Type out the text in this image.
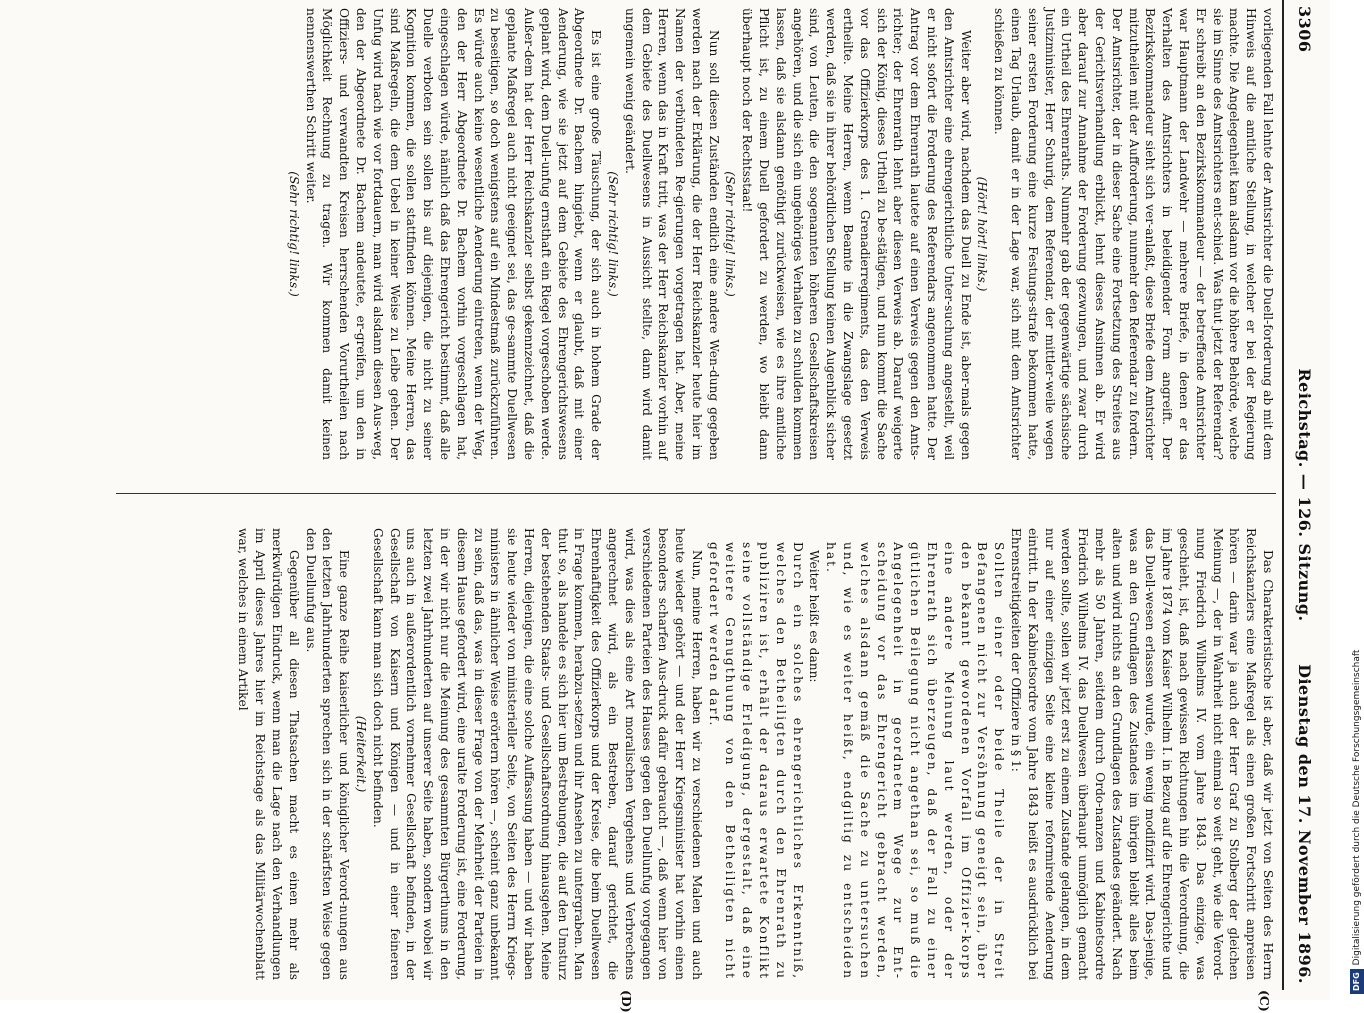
3306
Reichstag. — 126. Sitzung.
Dienstag den 17. November 1896.
(C)
(D)

vorliegenden Fall lehnte der Amtsrichter die Duell-forderung ab mit dem Hinweis auf die amtliche Stellung, in welcher er bei der Regierung machte. Die Angelegenheit kam alsdann vor die höhere Behörde, welche sie im Sinne des Amtsrichters ent-schied. Was thut jetzt der Referendar? Er schreibt an den Bezirkskommandeur — der betreffende Amtsrichter war Hauptmann der Landwehr — mehrere Briefe, in denen er das Verhalten des Amtsrichters in beleidigender Form angreift. Der Bezirkskommandeur sieht sich ver-anlaßt, diese Briefe dem Amtsrichter mitzutheilen mit der Aufforderung, nunmehr den Referendar zu fordern. Der Amtsrichter, der in dieser Sache eine Fortsetzung des Streites aus der Gerichtsverhandlung erblickt, lehnt dieses Ansinnen ab. Er wird aber darauf zur Annahme der Forderung gezwungen, und zwar durch ein Urtheil des Ehrenraths. Nunmehr gab der gegenwärtige sächsische Justizminister, Herr Schurig, dem Referendar, der mittler-weile wegen seiner ersten Forderung eine kurze Festungs-strafe bekommen hatte, einen Tag Urlaub, damit er in der Lage war, sich mit dem Amtsrichter schießen zu können.

(Hört! hört! links.)

Weiter aber wird, nachdem das Duell zu Ende ist, aber-mals gegen den Amtsrichter eine ehrengerichtliche Unter-suchung angestellt, weil er nicht sofort die Forderung des Referendars angenommen hatte. Der Antrag vor dem Ehrenrath lautete auf einen Verweis gegen den Amts-richter; der Ehrenrath lehnt aber diesen Verweis ab. Darauf weigerte sich der König, dieses Urtheil zu be-stätigen, und nun kommt die Sache vor das Offizierkorps des 1. Grenadierregiments, das den Verweis ertheilte. Meine Herren, wenn Beamte in die Zwangslage gesetzt werden, daß sie in ihrer behördlichen Stellung keinen Augenblick sicher sind, von Leuten, die den sogenannten höheren Gesellschaftskreisen angehören, und die sich ein ungehöriges Verhalten zu schulden kommen lassen, daß sie alsdann genöthigt zurückweisen, wie es ihre amtliche Pflicht ist, zu einem Duell gefordert zu werden, wo bleibt dann überhaupt noch der Rechtsstaat!

(Sehr richtig! links.)

Nun soll diesen Zuständen endlich eine andere Wen-dung gegeben werden nach der Erklärung, die der Herr Reichskanzler heute hier im Namen der verbündeten Re-gierungen vorgetragen hat. Aber, meine Herren, wenn das in Kraft tritt, was der Herr Reichskanzler vorhin auf dem Gebiete des Duellwesens in Aussicht stellte, dann wird damit ungemein wenig geändert.

(Sehr richtig! links.)

Es ist eine große Täuschung, der sich auch in hohem Grade der Abgeordnete Dr. Bachem hingiebt, wenn er glaubt, daß mit einer Aenderung, wie sie jetzt auf dem Gebiete des Ehrengerichtswesens geplant wird, dem Duell-unfug ernsthaft ein Riegel vorgeschoben werde. Außer-dem hat der Herr Reichskanzler selbst gekennzeichnet, daß die geplante Maßregel auch nicht geeignet sei, das ge-sammte Duellwesen zu beseitigen, so doch wenigstens auf ein Mindestmaß zurückzuführen. Es würde auch keine wesentliche Aenderung eintreten, wenn der Weg, den der Herr Abgeordnete Dr. Bachem vorhin vorgeschlagen hat, eingeschlagen würde, nämlich daß das Ehrengericht bestimmt, daß alle Duelle verboten sein sollen bis auf diejenigen, die nicht zu seiner Kognition kommen, die sollen stattfinden können. Meine Herren, das sind Maßregeln, die dem Uebel in keiner Weise zu Leibe gehen. Der Unfug wird nach wie vor fortdauern, man wird alsdann diesen Aus-weg, den der Abgeordnete Dr. Bachem andeutete, er-greifen, um den in Offiziers- und verwandten Kreisen herrschenden Vorurtheilen nach Möglichkeit Rechnung zu tragen. Wir kommen damit keinen nennenswerthen Schritt weiter.

(Sehr richtig! links.)

Das Charakteristische ist aber, daß wir jetzt von Seiten des Herrn Reichskanzlers eine Maßregel als einen großen Fortschritt anpreisen hören — darin war ja auch der Herr Graf zu Stolberg der gleichen Meinung —, der in Wahrheit nicht einmal so weit geht, wie die Verord-nung Friedrich Wilhelms IV. vom Jahre 1843. Das einzige, was geschieht, ist, daß nach gewissen Richtungen hin die Verordnung, die im Jahre 1874 vom Kaiser Wilhelm I. in Bezug auf die Ehrengerichte und das Duell-wesen erlassen wurde, ein wenig modifizirt wird. Das-jenige, was an den Grundlagen des Zustandes im übrigen bleibt alles beim alten und wird nichts an den Grundlagen des Zustandes geändert. Nach mehr als 50 Jahren, seitdem durch Ordo-nanzen und Kabinetsordre Friedrich Wilhelms IV. das Duellwesen überhaupt unmöglich gemacht werden sollte, sollen wir jetzt erst zu einem Zustande gelangen, in dem nur auf einer einzigen Seite eine kleine reformirende Aenderung eintritt. In der Kabinetsordre vom Jahre 1843 heißt es ausdrücklich bei Ehrenstreitigkeiten der Offiziere in § 1:

Sollten einer oder beide Theile der in Streit Befangenen nicht zur Versöhnung geneigt sein, über den bekannt gewordenen Vorfall im Offizier-korps eine andere Meinung laut werden, oder der Ehrenrath sich überzeugen, daß der Fall zu einer gütlichen Beilegung nicht angethan sei, so muß die Angelegenheit in geordnetem Wege zur Ent-scheidung vor das Ehrengericht gebracht werden, welches alsdann gemäß die Sache zu untersuchen und, wie es weiter heißt, endgiltig zu entscheiden hat.

Weiter heißt es dann:

Durch ein solches ehrengerichtliches Erkenntniß, welches den Betheiligten durch den Ehrenrath zu publiziren ist, erhält der daraus erwartete Konflikt seine vollständige Erledigung, dergestalt, daß eine weitere Genugthuung von den Betheiligten nicht gefordert werden darf.

Nun, meine Herren, haben wir zu verschiedenen Malen und auch heute wieder gehört — und der Herr Kriegsminister hat vorhin einen besonders scharfen Aus-druck dafür gebraucht —, daß wenn hier von verschiedenen Parteien des Hauses gegen den Duellunfug vorgegangen wird, was dies als eine Art moralischen Vergehens und Verbrechens angerechnet wird, als ein Bestreben, darauf gerichtet, die Ehrenhaftigkeit des Offizierkorps und der Kreise, die beim Duellwesen in Frage kommen, herabzu-setzen und ihr Ansehen zu untergraben. Man thut so, als handele es sich hier um Bestrebungen, die auf den Umsturz der bestehenden Staats- und Gesellschaftsordnung hinausgehen. Meine Herren, diejenigen, die eine solche Auffassung haben — und wir haben sie heute wieder von ministerieller Seite, von Seiten des Herrn Kriegs-ministers in ähnlicher Weise erörtern hören —, scheint ganz unbekannt zu sein, daß das, was in dieser Frage von der Mehrheit der Parteien in diesem Hause gefordert wird, eine uralte Forderung ist, eine Forderung, in der wir nicht nur die Meinung des gesammten Bürgerthums in den letzten zwei Jahrhunderten auf unserer Seite haben, sondern wobei wir uns auch in außerordentlich vornehmer Gesellschaft befinden, in der Gesellschaft von Kaisern und Königen — und in einer feineren Gesellschaft kann man sich doch nicht befinden.

(Heiterkeit.)

Eine ganze Reihe kaiserlicher und königlicher Verord-nungen aus den letzten Jahrhunderten sprechen sich in der schärfsten Weise gegen den Duellunfug aus.

Gegenüber all diesen Thatsachen macht es einen mehr als merkwürdigen Eindruck, wenn man die Lage nach den Verhandlungen im April dieses Jahres hier im Reichstage als das Militärwochenblatt war, welches in einem Artikel

DFGDigitalisierung gefördert durch die Deutsche Forschungsgemeinschaft
